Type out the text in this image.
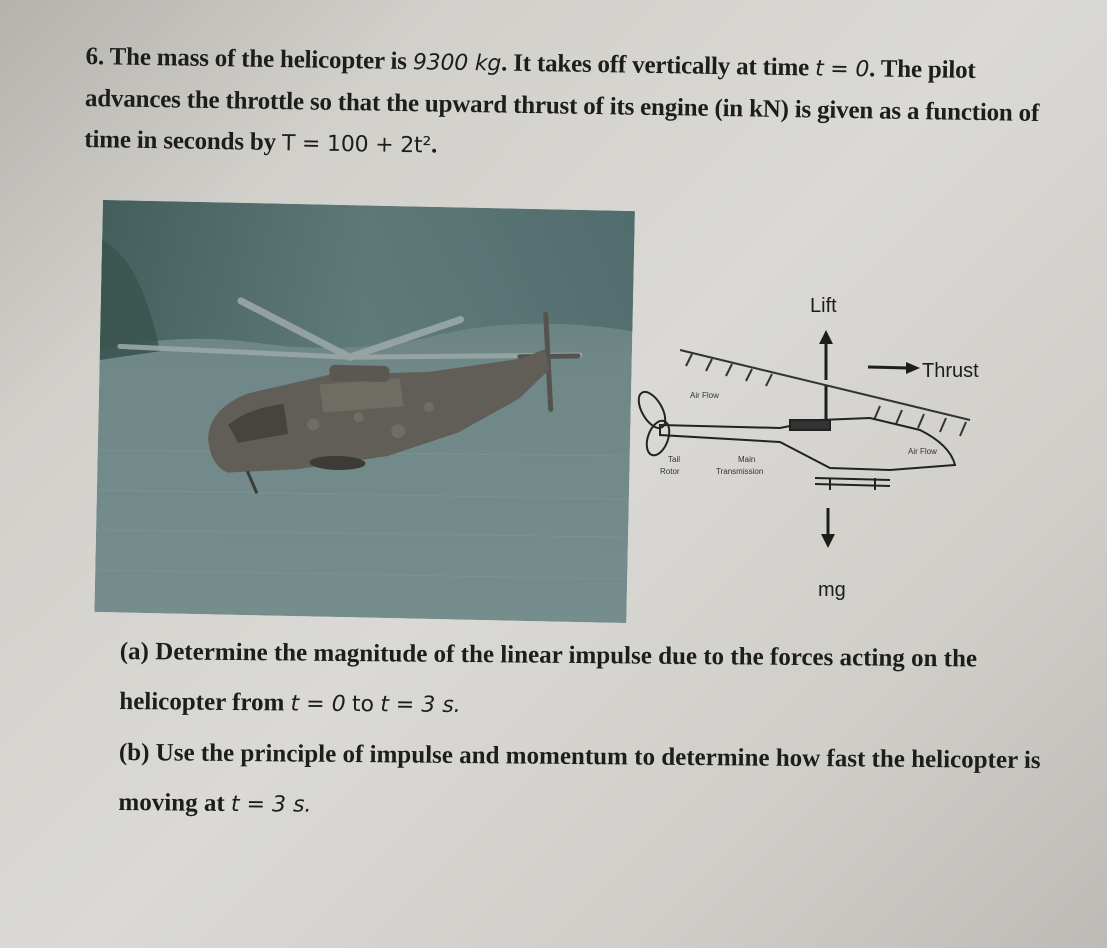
6. The mass of the helicopter is 9300 kg. It takes off vertically at time t = 0. The pilot advances the throttle so that the upward thrust of its engine (in kN) is given as a function of time in seconds by T = 100 + 2t².

Lift
Thrust
Air Flow
Air Flow
Tail
Rotor
Main
Transmission
mg

(a) Determine the magnitude of the linear impulse due to the forces acting on the

helicopter from t = 0 to t = 3 s.

(b) Use the principle of impulse and momentum to determine how fast the helicopter is

moving at t = 3 s.
